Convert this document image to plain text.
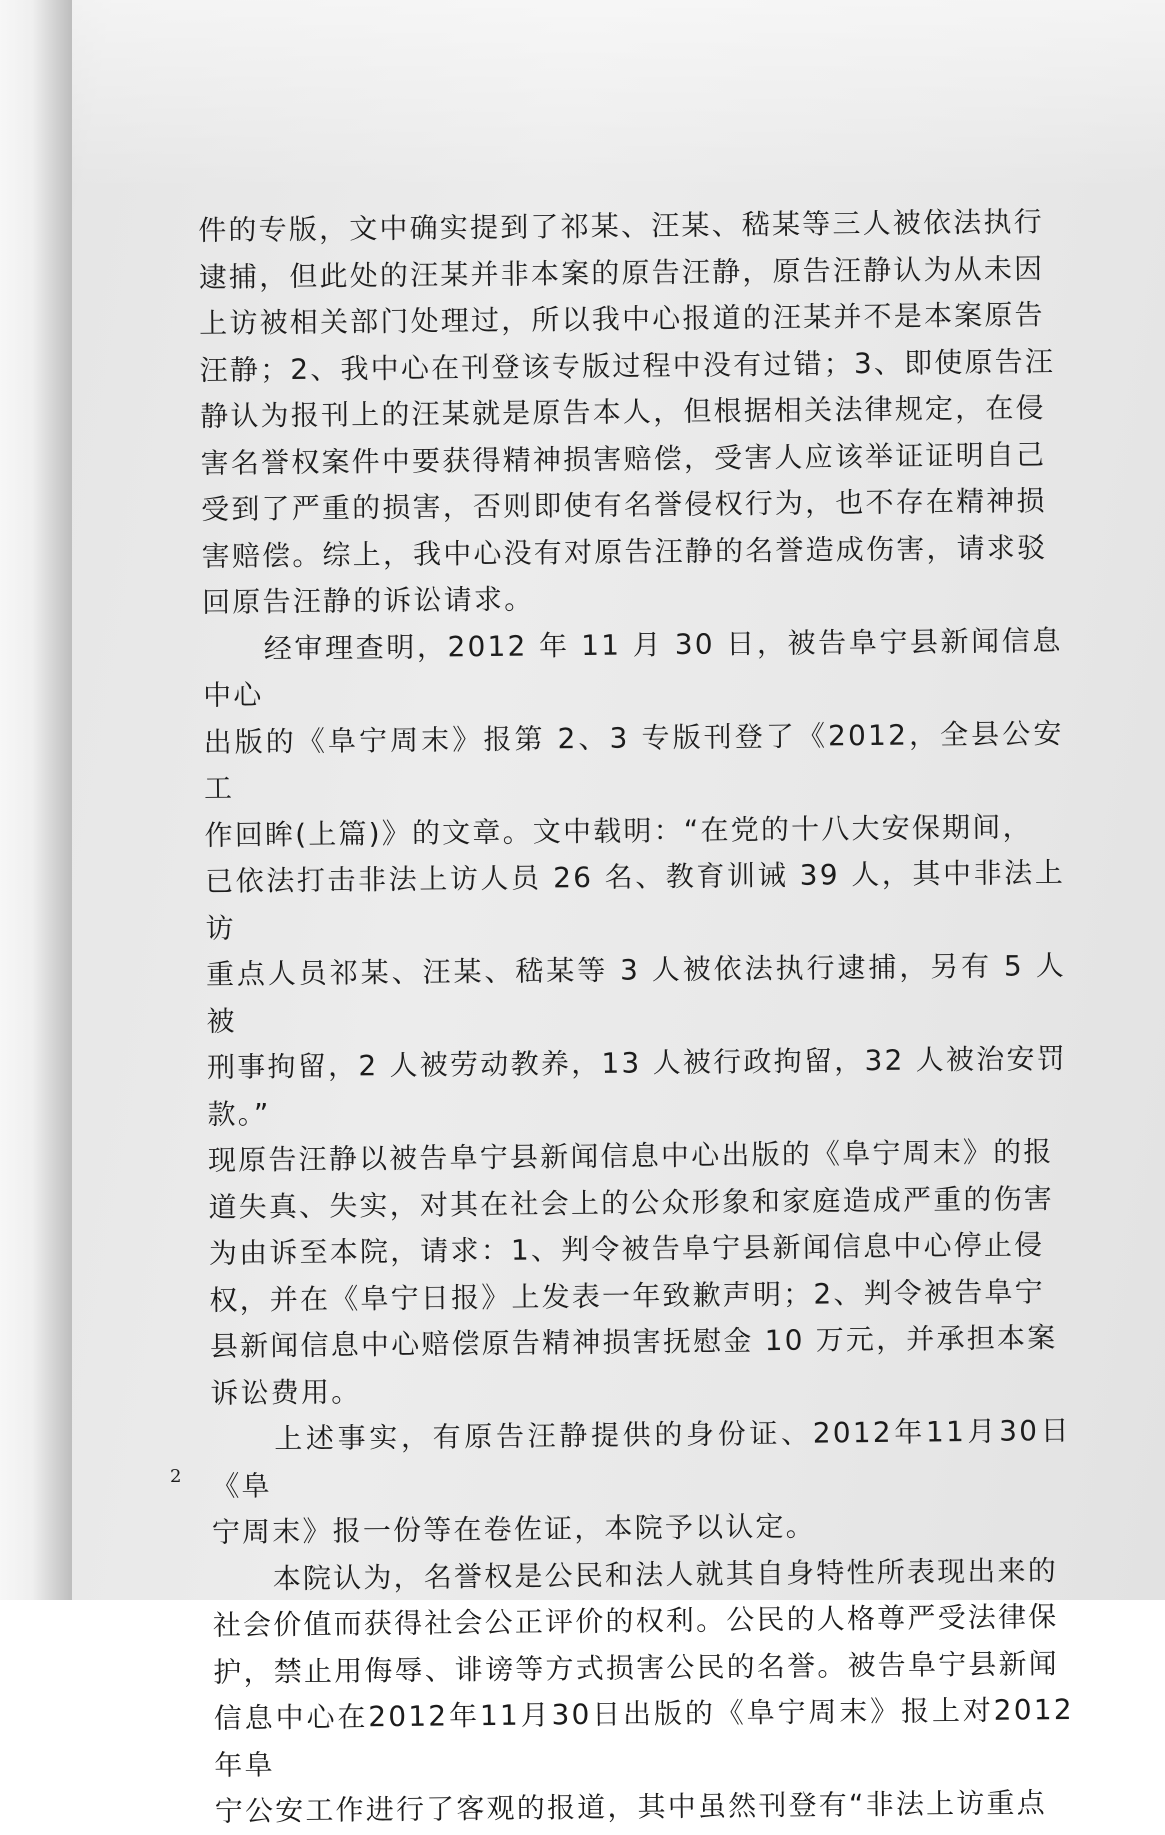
件的专版，文中确实提到了祁某、汪某、嵇某等三人被依法执行
逮捕，但此处的汪某并非本案的原告汪静，原告汪静认为从未因
上访被相关部门处理过，所以我中心报道的汪某并不是本案原告
汪静；2、我中心在刊登该专版过程中没有过错；3、即使原告汪
静认为报刊上的汪某就是原告本人，但根据相关法律规定，在侵
害名誉权案件中要获得精神损害赔偿，受害人应该举证证明自己
受到了严重的损害，否则即使有名誉侵权行为，也不存在精神损
害赔偿。综上，我中心没有对原告汪静的名誉造成伤害，请求驳
回原告汪静的诉讼请求。

　　经审理查明，2012 年 11 月 30 日，被告阜宁县新闻信息中心
出版的《阜宁周末》报第 2、3 专版刊登了《2012，全县公安工
作回眸(上篇)》的文章。文中载明：“在党的十八大安保期间，
已依法打击非法上访人员 26 名、教育训诫 39 人，其中非法上访
重点人员祁某、汪某、嵇某等 3 人被依法执行逮捕，另有 5 人被
刑事拘留，2 人被劳动教养，13 人被行政拘留，32 人被治安罚款。”
现原告汪静以被告阜宁县新闻信息中心出版的《阜宁周末》的报
道失真、失实，对其在社会上的公众形象和家庭造成严重的伤害
为由诉至本院，请求：1、判令被告阜宁县新闻信息中心停止侵
权，并在《阜宁日报》上发表一年致歉声明；2、判令被告阜宁
县新闻信息中心赔偿原告精神损害抚慰金 10 万元，并承担本案
诉讼费用。

　　上述事实，有原告汪静提供的身份证、2012年11月30日《阜
宁周末》报一份等在卷佐证，本院予以认定。

　　本院认为，名誉权是公民和法人就其自身特性所表现出来的
社会价值而获得社会公正评价的权利。公民的人格尊严受法律保
护，禁止用侮辱、诽谤等方式损害公民的名誉。被告阜宁县新闻
信息中心在2012年11月30日出版的《阜宁周末》报上对2012年阜
宁公安工作进行了客观的报道，其中虽然刊登有“非法上访重点

2
